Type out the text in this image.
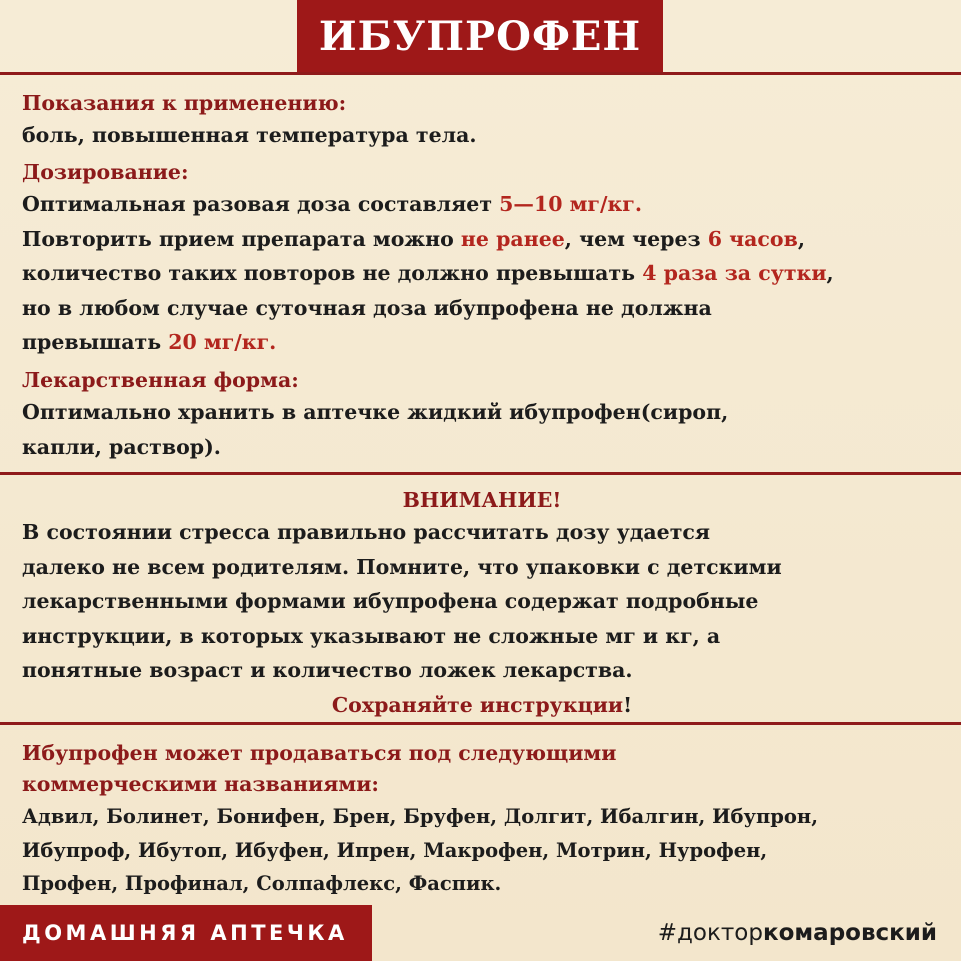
ИБУПРОФЕН
Показания к применению:
боль, повышенная температура тела.
Дозирование:
Оптимальная разовая доза составляет 5—10 мг/кг.
Повторить прием препарата можно не ранее, чем через 6 часов,
количество таких повторов не должно превышать 4 раза за сутки,
но в любом случае суточная доза ибупрофена не должна
превышать 20 мг/кг.
Лекарственная форма:
Оптимально хранить в аптечке жидкий ибупрофен(сироп,
капли, раствор).
ВНИМАНИЕ!
В состоянии стресса правильно рассчитать дозу удается
далеко не всем родителям. Помните, что упаковки с детскими
лекарственными формами ибупрофена содержат подробные
инструкции, в которых указывают не сложные мг и кг, а
понятные возраст и количество ложек лекарства.
Сохраняйте инструкции!
Ибупрофен может продаваться под следующими
коммерческими названиями:
Адвил, Болинет, Бонифен, Брен, Бруфен, Долгит, Ибалгин, Ибупрон,
Ибупроф, Ибутоп, Ибуфен, Ипрен, Макрофен, Мотрин, Нурофен,
Профен, Профинал, Солпафлекс, Фаспик.
ДОМАШНЯЯ АПТЕЧКА	#доктор комаровский
